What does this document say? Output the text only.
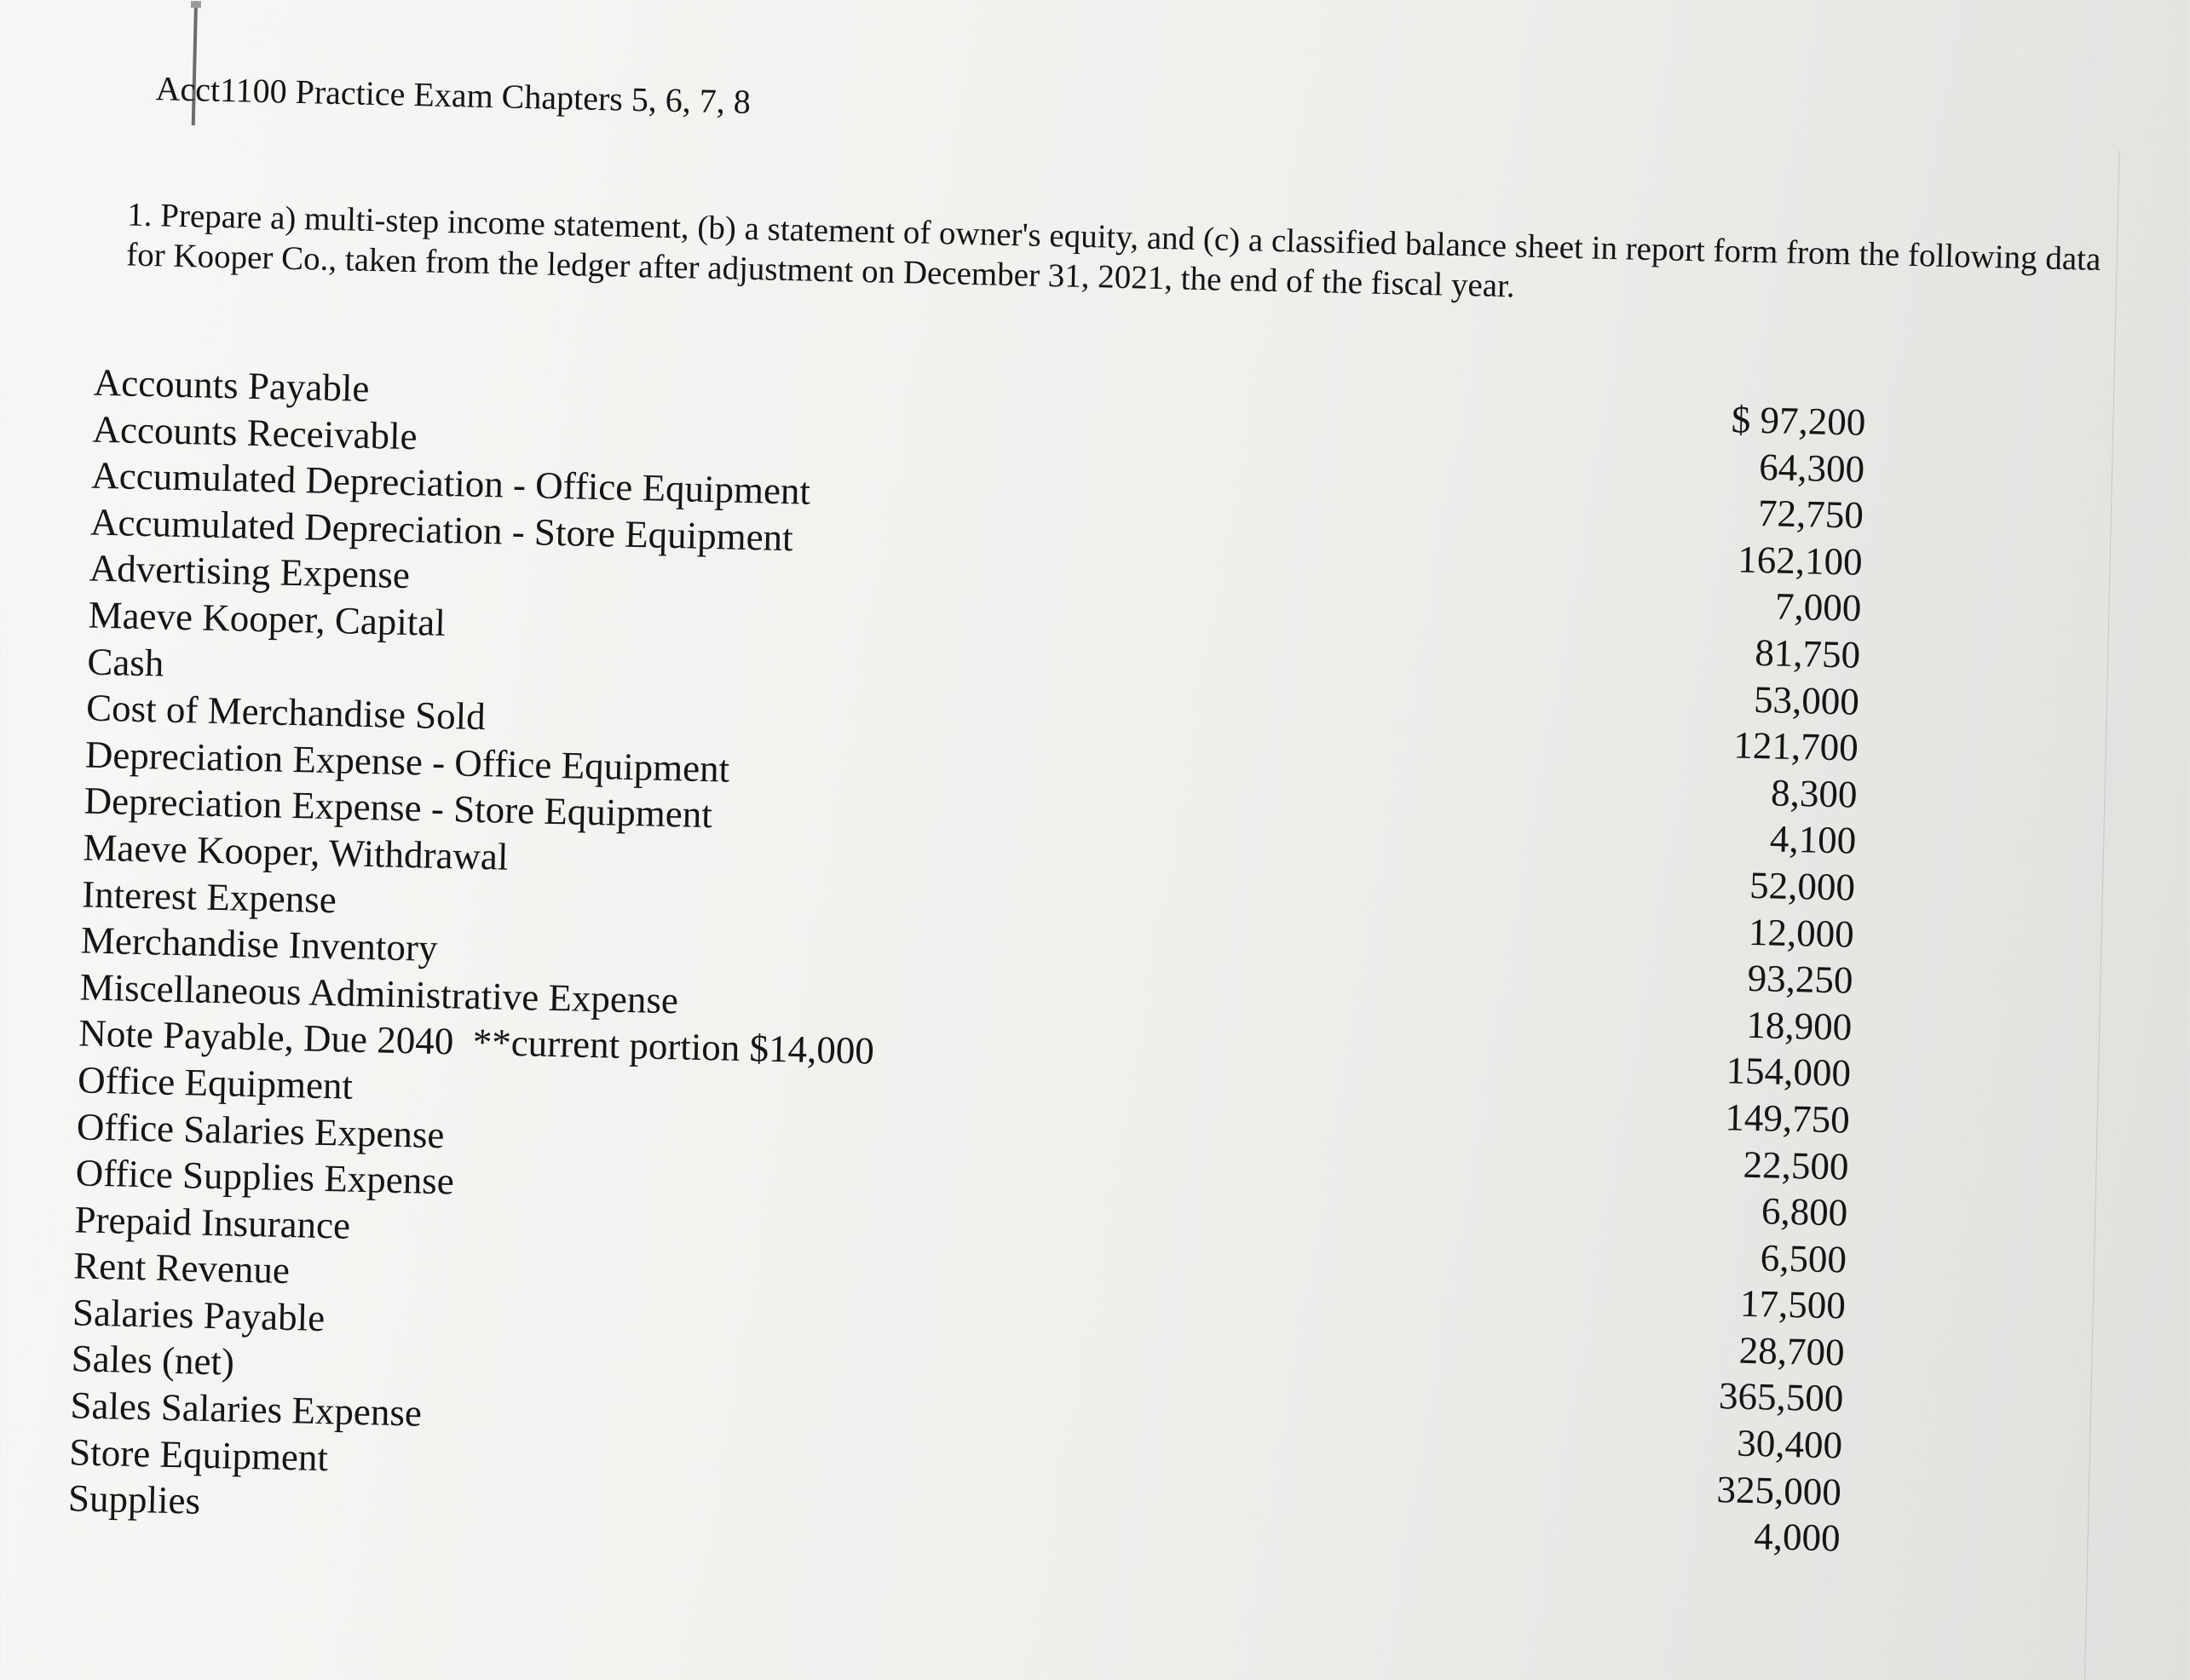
Acct1100 Practice Exam Chapters 5, 6, 7, 8
1. Prepare a) multi-step income statement, (b) a statement of owner's equity, and (c) a classified balance sheet in report form from the following data for Kooper Co., taken from the ledger after adjustment on December 31, 2021, the end of the fiscal year.
Accounts Payable
$ 97,200
Accounts Receivable
64,300
Accumulated Depreciation - Office Equipment
72,750
Accumulated Depreciation - Store Equipment
162,100
Advertising Expense
7,000
Maeve Kooper, Capital
81,750
Cash
53,000
Cost of Merchandise Sold
121,700
Depreciation Expense - Office Equipment
8,300
Depreciation Expense - Store Equipment
4,100
Maeve Kooper, Withdrawal
52,000
Interest Expense
12,000
Merchandise Inventory
93,250
Miscellaneous Administrative Expense
18,900
Note Payable, Due 2040  **current portion $14,000	154,000
Office Equipment
149,750
Office Salaries Expense
22,500
Office Supplies Expense
6,800
Prepaid Insurance
6,500
Rent Revenue
17,500
Salaries Payable
28,700
Sales (net)
365,500
Sales Salaries Expense
30,400
Store Equipment
325,000
Supplies
4,000
